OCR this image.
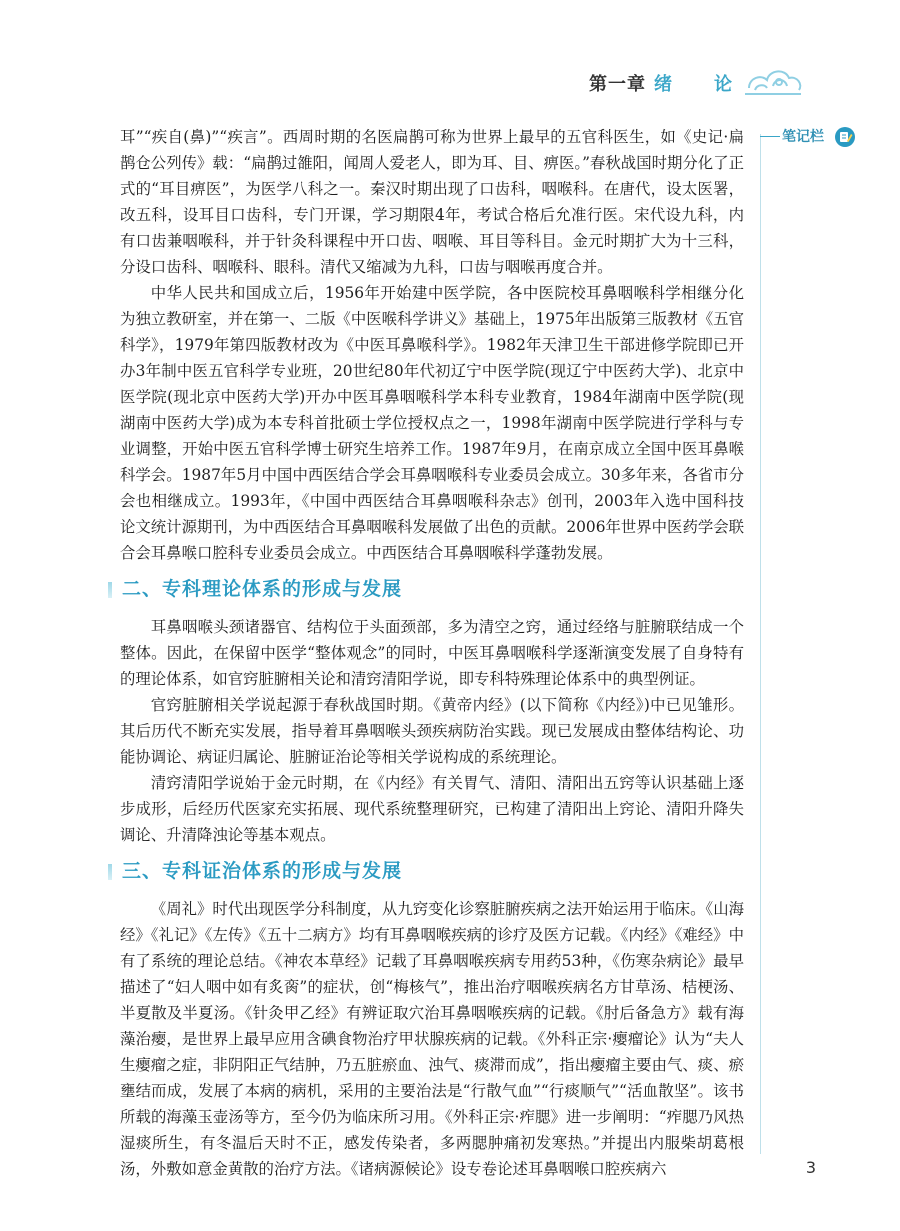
第一章 绪　论
笔记栏

耳”“疾自(鼻)”“疾言”。西周时期的名医扁鹊可称为世界上最早的五官科医生，如《史记·扁鹊仓公列传》载：“扁鹊过雒阳，闻周人爱老人，即为耳、目、痹医。”春秋战国时期分化了正式的“耳目痹医”，为医学八科之一。秦汉时期出现了口齿科，咽喉科。在唐代，设太医署，改五科，设耳目口齿科，专门开课，学习期限4年，考试合格后允准行医。宋代设九科，内有口齿兼咽喉科，并于针灸科课程中开口齿、咽喉、耳目等科目。金元时期扩大为十三科，分设口齿科、咽喉科、眼科。清代又缩减为九科，口齿与咽喉再度合并。

中华人民共和国成立后，1956年开始建中医学院，各中医院校耳鼻咽喉科学相继分化为独立教研室，并在第一、二版《中医喉科学讲义》基础上，1975年出版第三版教材《五官科学》，1979年第四版教材改为《中医耳鼻喉科学》。1982年天津卫生干部进修学院即已开办3年制中医五官科学专业班，20世纪80年代初辽宁中医学院(现辽宁中医药大学)、北京中医学院(现北京中医药大学)开办中医耳鼻咽喉科学本科专业教育，1984年湖南中医学院(现湖南中医药大学)成为本专科首批硕士学位授权点之一，1998年湖南中医学院进行学科与专业调整，开始中医五官科学博士研究生培养工作。1987年9月，在南京成立全国中医耳鼻喉科学会。1987年5月中国中西医结合学会耳鼻咽喉科专业委员会成立。30多年来，各省市分会也相继成立。1993年，《中国中西医结合耳鼻咽喉科杂志》创刊，2003年入选中国科技论文统计源期刊，为中西医结合耳鼻咽喉科发展做了出色的贡献。2006年世界中医药学会联合会耳鼻喉口腔科专业委员会成立。中西医结合耳鼻咽喉科学蓬勃发展。

二、专科理论体系的形成与发展

耳鼻咽喉头颈诸器官、结构位于头面颈部，多为清空之窍，通过经络与脏腑联结成一个整体。因此，在保留中医学“整体观念”的同时，中医耳鼻咽喉科学逐渐演变发展了自身特有的理论体系，如官窍脏腑相关论和清窍清阳学说，即专科特殊理论体系中的典型例证。

官窍脏腑相关学说起源于春秋战国时期。《黄帝内经》(以下简称《内经》)中已见雏形。其后历代不断充实发展，指导着耳鼻咽喉头颈疾病防治实践。现已发展成由整体结构论、功能协调论、病证归属论、脏腑证治论等相关学说构成的系统理论。

清窍清阳学说始于金元时期，在《内经》有关胃气、清阳、清阳出五窍等认识基础上逐步成形，后经历代医家充实拓展、现代系统整理研究，已构建了清阳出上窍论、清阳升降失调论、升清降浊论等基本观点。

三、专科证治体系的形成与发展

《周礼》时代出现医学分科制度，从九窍变化诊察脏腑疾病之法开始运用于临床。《山海经》《礼记》《左传》《五十二病方》均有耳鼻咽喉疾病的诊疗及医方记载。《内经》《难经》中有了系统的理论总结。《神农本草经》记载了耳鼻咽喉疾病专用药53种，《伤寒杂病论》最早描述了“妇人咽中如有炙脔”的症状，创“梅核气”，推出治疗咽喉疾病名方甘草汤、桔梗汤、半夏散及半夏汤。《针灸甲乙经》有辨证取穴治耳鼻咽喉疾病的记载。《肘后备急方》载有海藻治瘿，是世界上最早应用含碘食物治疗甲状腺疾病的记载。《外科正宗·瘿瘤论》认为“夫人生瘿瘤之症，非阴阳正气结肿，乃五脏瘀血、浊气、痰滞而成”，指出瘿瘤主要由气、痰、瘀壅结而成，发展了本病的病机，采用的主要治法是“行散气血”“行痰顺气”“活血散坚”。该书所载的海藻玉壶汤等方，至今仍为临床所习用。《外科正宗·痄腮》进一步阐明：“痄腮乃风热湿痰所生，有冬温后天时不正，感发传染者，多两腮肿痛初发寒热。”并提出内服柴胡葛根汤，外敷如意金黄散的治疗方法。《诸病源候论》设专卷论述耳鼻咽喉口腔疾病六	3
